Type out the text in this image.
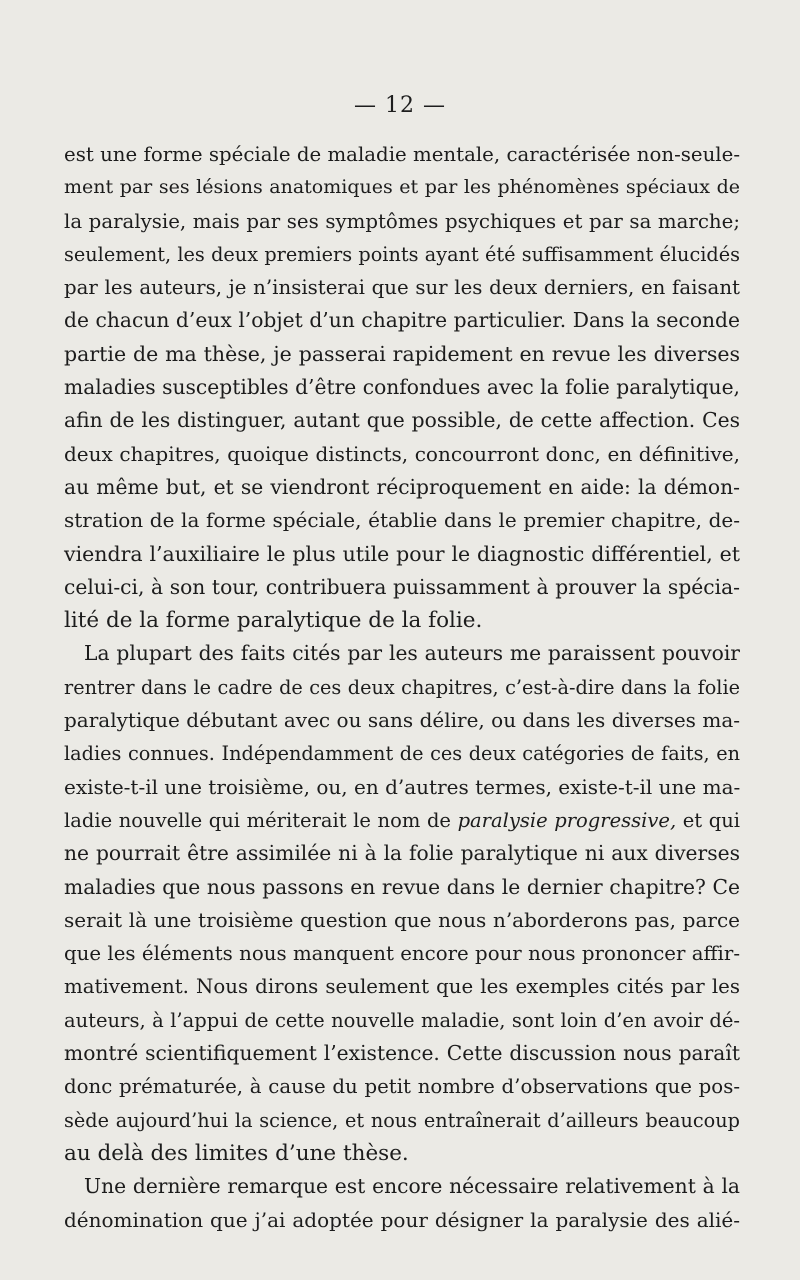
— 12 —
est une forme spéciale de maladie mentale, caractérisée non-seule-
ment par ses lésions anatomiques et par les phénomènes spéciaux de
la paralysie, mais par ses symptômes psychiques et par sa marche;
seulement, les deux premiers points ayant été suffisamment élucidés
par les auteurs, je n’insisterai que sur les deux derniers, en faisant
de chacun d’eux l’objet d’un chapitre particulier. Dans la seconde
partie de ma thèse, je passerai rapidement en revue les diverses
maladies susceptibles d’être confondues avec la folie paralytique,
afin de les distinguer, autant que possible, de cette affection. Ces
deux chapitres, quoique distincts, concourront donc, en définitive,
au même but, et se viendront réciproquement en aide: la démon-
stration de la forme spéciale, établie dans le premier chapitre, de-
viendra l’auxiliaire le plus utile pour le diagnostic différentiel, et
celui-ci, à son tour, contribuera puissamment à prouver la spécia-
lité de la forme paralytique de la folie.
La plupart des faits cités par les auteurs me paraissent pouvoir
rentrer dans le cadre de ces deux chapitres, c’est-à-dire dans la folie
paralytique débutant avec ou sans délire, ou dans les diverses ma-
ladies connues. Indépendamment de ces deux catégories de faits, en
existe-t-il une troisième, ou, en d’autres termes, existe-t-il une ma-
ladie nouvelle qui mériterait le nom de paralysie progressive, et qui
ne pourrait être assimilée ni à la folie paralytique ni aux diverses
maladies que nous passons en revue dans le dernier chapitre? Ce
serait là une troisième question que nous n’aborderons pas, parce
que les éléments nous manquent encore pour nous prononcer affir-
mativement. Nous dirons seulement que les exemples cités par les
auteurs, à l’appui de cette nouvelle maladie, sont loin d’en avoir dé-
montré scientifiquement l’existence. Cette discussion nous paraît
donc prématurée, à cause du petit nombre d’observations que pos-
sède aujourd’hui la science, et nous entraînerait d’ailleurs beaucoup
au delà des limites d’une thèse.
Une dernière remarque est encore nécessaire relativement à la
dénomination que j’ai adoptée pour désigner la paralysie des alié-
